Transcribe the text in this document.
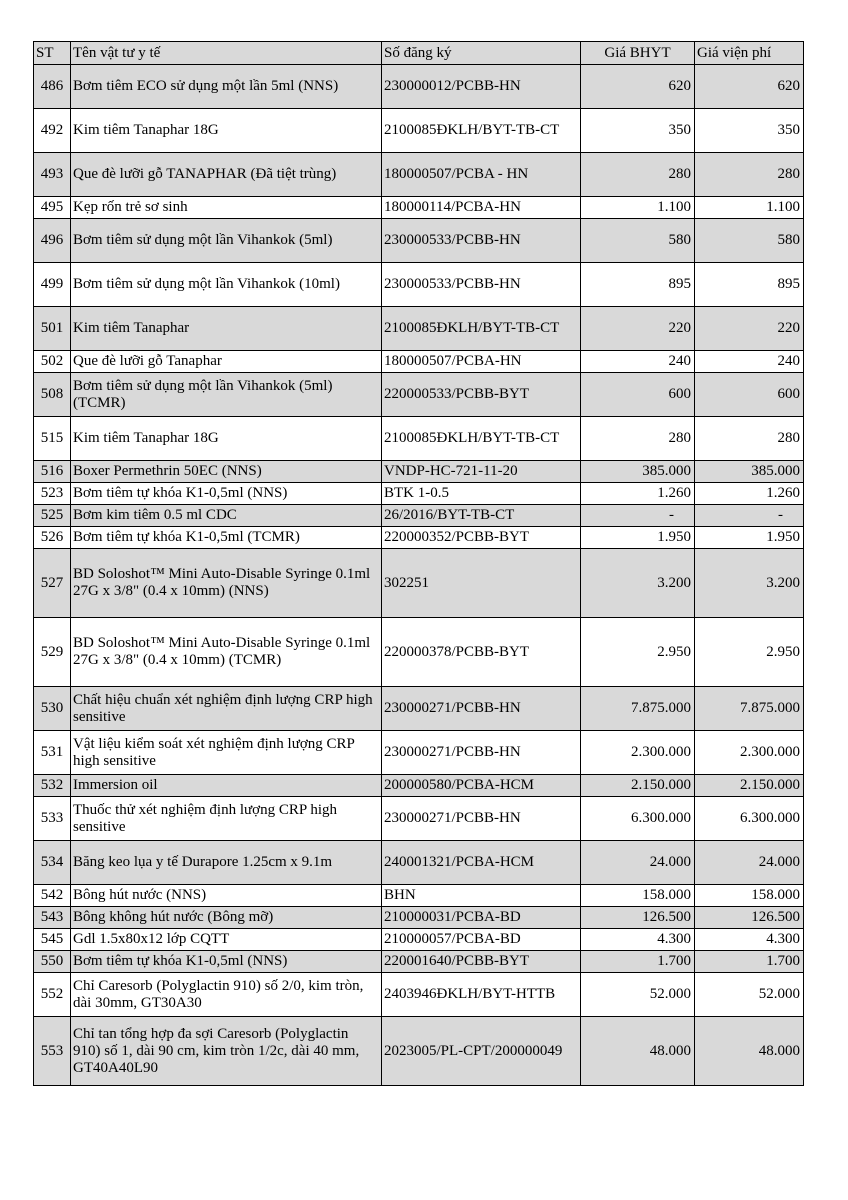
ST	Tên vật tư y tế	Số đăng ký	Giá BHYT	Giá viện phí
486	Bơm tiêm ECO sử dụng một lần 5ml (NNS)	230000012/PCBB-HN	620	620
492	Kim tiêm Tanaphar 18G	2100085ĐKLH/BYT-TB-CT	350	350
493	Que đè lưỡi gỗ TANAPHAR (Đã tiệt trùng)	180000507/PCBA - HN	280	280
495	Kẹp rốn trẻ sơ sinh	180000114/PCBA-HN	1.100	1.100
496	Bơm tiêm sử dụng một lần Vihankok (5ml)	230000533/PCBB-HN	580	580
499	Bơm tiêm sử dụng một lần Vihankok (10ml)	230000533/PCBB-HN	895	895
501	Kim tiêm Tanaphar	2100085ĐKLH/BYT-TB-CT	220	220
502	Que đè lưỡi gỗ Tanaphar	180000507/PCBA-HN	240	240
508	Bơm tiêm sử dụng một lần Vihankok (5ml) (TCMR)	220000533/PCBB-BYT	600	600
515	Kim tiêm Tanaphar 18G	2100085ĐKLH/BYT-TB-CT	280	280
516	Boxer Permethrin 50EC (NNS)	VNDP-HC-721-11-20	385.000	385.000
523	Bơm tiêm tự khóa K1-0,5ml (NNS)	BTK 1-0.5	1.260	1.260
525	Bơm kim tiêm 0.5 ml CDC	26/2016/BYT-TB-CT	-	-
526	Bơm tiêm tự khóa K1-0,5ml (TCMR)	220000352/PCBB-BYT	1.950	1.950
527	BD Soloshot™ Mini Auto-Disable Syringe 0.1ml 27G x 3/8" (0.4 x 10mm) (NNS)	302251	3.200	3.200
529	BD Soloshot™ Mini Auto-Disable Syringe 0.1ml 27G x 3/8" (0.4 x 10mm) (TCMR)	220000378/PCBB-BYT	2.950	2.950
530	Chất hiệu chuẩn xét nghiệm định lượng CRP high sensitive	230000271/PCBB-HN	7.875.000	7.875.000
531	Vật liệu kiểm soát xét nghiệm định lượng CRP high sensitive	230000271/PCBB-HN	2.300.000	2.300.000
532	Immersion oil	200000580/PCBA-HCM	2.150.000	2.150.000
533	Thuốc thử xét nghiệm định lượng CRP high sensitive	230000271/PCBB-HN	6.300.000	6.300.000
534	Băng keo lụa y tế Durapore 1.25cm x 9.1m	240001321/PCBA-HCM	24.000	24.000
542	Bông hút nước (NNS)	BHN	158.000	158.000
543	Bông không hút nước (Bông mỡ)	210000031/PCBA-BD	126.500	126.500
545	Gdl 1.5x80x12 lớp CQTT	210000057/PCBA-BD	4.300	4.300
550	Bơm tiêm tự khóa K1-0,5ml (NNS)	220001640/PCBB-BYT	1.700	1.700
552	Chỉ Caresorb (Polyglactin 910) số 2/0, kim tròn, dài 30mm, GT30A30	2403946ĐKLH/BYT-HTTB	52.000	52.000
553	Chỉ tan tổng hợp đa sợi Caresorb (Polyglactin 910) số 1, dài 90 cm, kim tròn 1/2c, dài 40 mm, GT40A40L90	2023005/PL-CPT/200000049	48.000	48.000
